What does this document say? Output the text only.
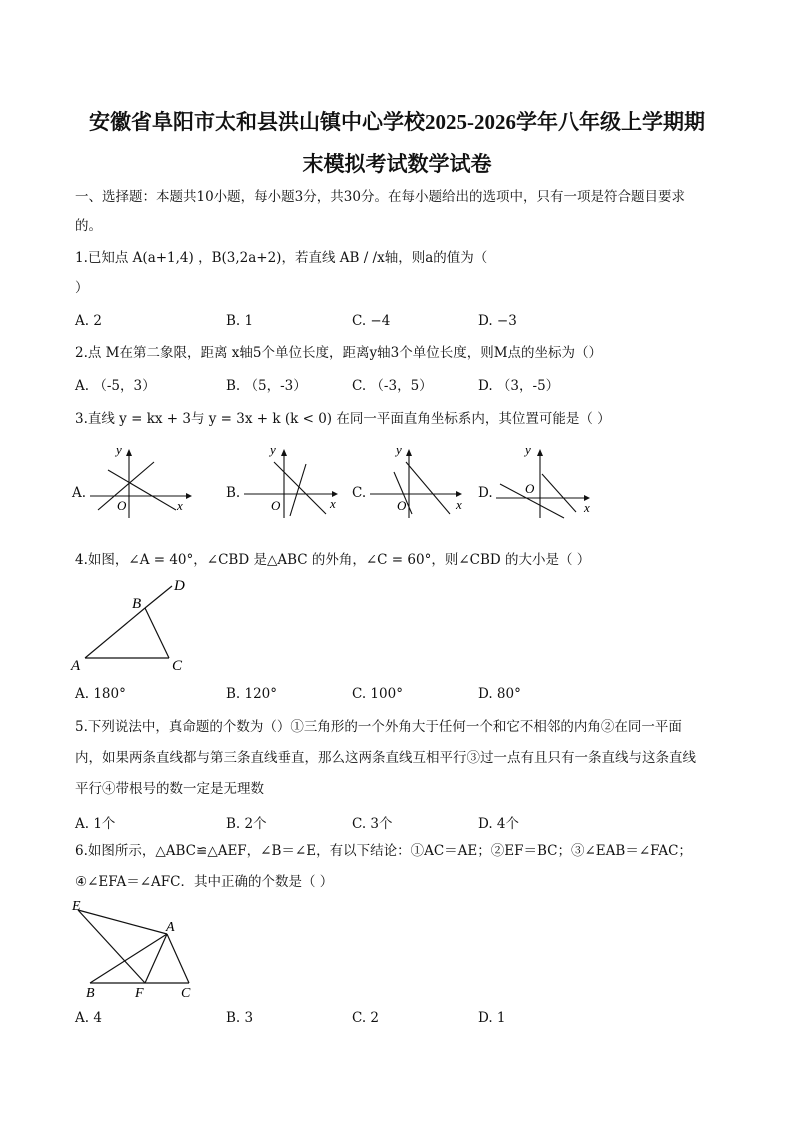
安徽省阜阳市太和县洪山镇中心学校2025-2026学年八年级上学期期
末模拟考试数学试卷
一、选择题：本题共10小题，每小题3分，共30分。在每小题给出的选项中，只有一项是符合题目要求
的。
1.已知点 A(a+1,4) ，B(3,2a+2)，若直线 AB / /x轴，则a的值为（
）
A. 2	B. 1	C. −4	D. −3
2.点 M在第二象限，距离 x轴5个单位长度，距离y轴3个单位长度，则M点的坐标为（）
A. （-5，3）	B. （5，-3）	C. （-3，5）	D. （3，-5）
3.直线 y = kx + 3与 y = 3x + k (k < 0) 在同一平面直角坐标系内，其位置可能是（ ）
A.
y
x
O
B.
y
x
O
C.
y
x
O
D.
y
x
O
4.如图，∠A = 40°，∠CBD 是△ABC 的外角，∠C = 60°，则∠CBD 的大小是（ ）
A
B
C
D
A. 180°	B. 120°	C. 100°	D. 80°
5.下列说法中，真命题的个数为（）①三角形的一个外角大于任何一个和它不相邻的内角②在同一平面
内，如果两条直线都与第三条直线垂直，那么这两条直线互相平行③过一点有且只有一条直线与这条直线
平行④带根号的数一定是无理数
A. 1个	B. 2个	C. 3个	D. 4个
6.如图所示，△ABC≌△AEF，∠B＝∠E，有以下结论：①AC＝AE；②EF＝BC；③∠EAB＝∠FAC；
④∠EFA＝∠AFC．其中正确的个数是（ ）
E
A
B	F	C
A. 4	B. 3	C. 2	D. 1
